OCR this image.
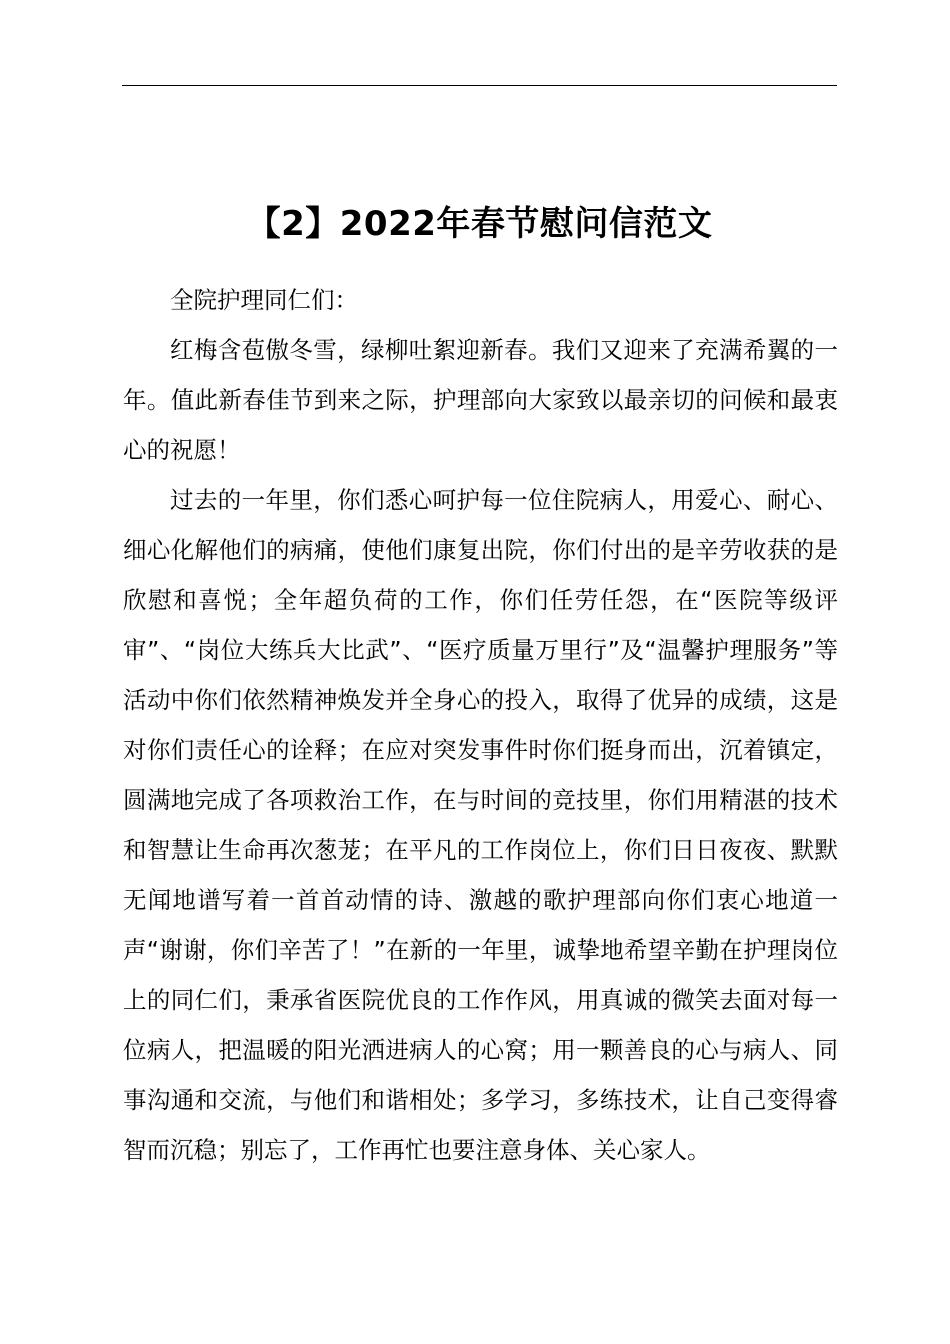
【2】2022年春节慰问信范文

全院护理同仁们：

红梅含苞傲冬雪，绿柳吐絮迎新春。我们又迎来了充满希翼的一年。值此新春佳节到来之际，护理部向大家致以最亲切的问候和最衷心的祝愿！

过去的一年里，你们悉心呵护每一位住院病人，用爱心、耐心、细心化解他们的病痛，使他们康复出院，你们付出的是辛劳收获的是欣慰和喜悦；全年超负荷的工作，你们任劳任怨，在“医院等级评审”、“岗位大练兵大比武”、“医疗质量万里行”及“温馨护理服务”等活动中你们依然精神焕发并全身心的投入，取得了优异的成绩，这是对你们责任心的诠释；在应对突发事件时你们挺身而出，沉着镇定，圆满地完成了各项救治工作，在与时间的竞技里，你们用精湛的技术和智慧让生命再次葱茏；在平凡的工作岗位上，你们日日夜夜、默默无闻地谱写着一首首动情的诗、激越的歌护理部向你们衷心地道一声“谢谢，你们辛苦了！”在新的一年里，诚挚地希望辛勤在护理岗位上的同仁们，秉承省医院优良的工作作风，用真诚的微笑去面对每一位病人，把温暖的阳光洒进病人的心窝；用一颗善良的心与病人、同事沟通和交流，与他们和谐相处；多学习，多练技术，让自己变得睿智而沉稳；别忘了，工作再忙也要注意身体、关心家人。
